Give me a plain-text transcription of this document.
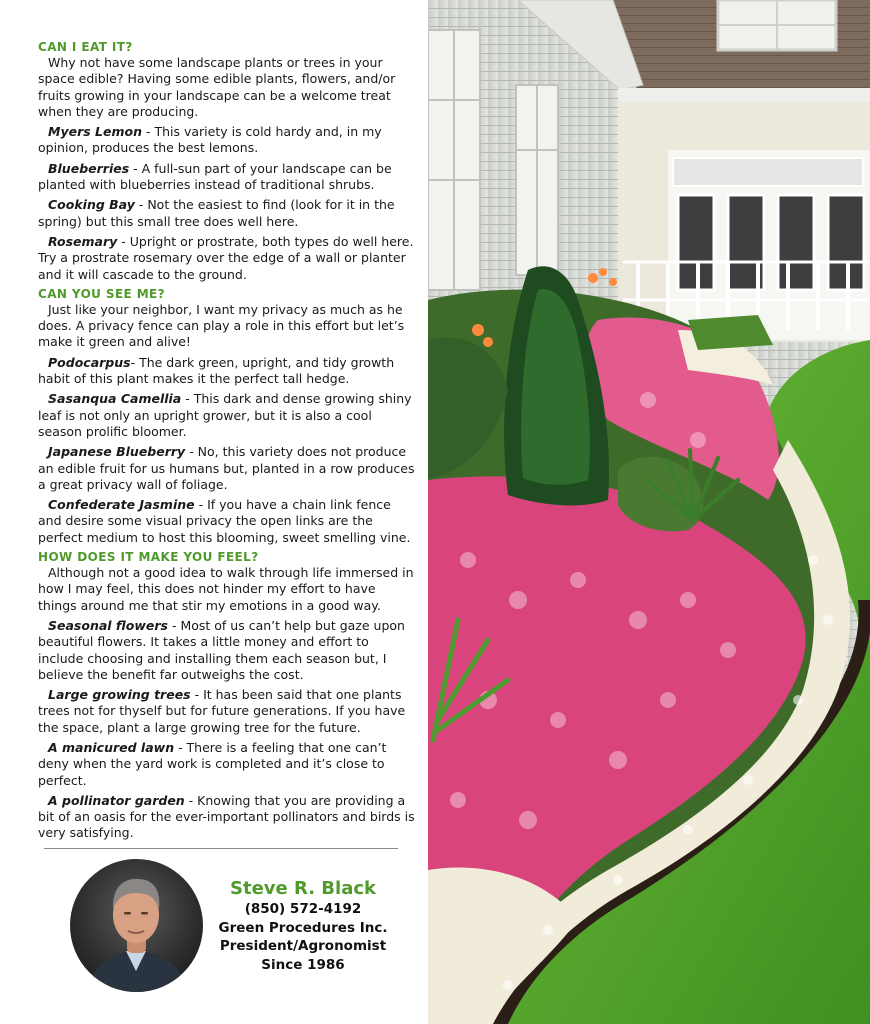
CAN I EAT IT?

Why not have some landscape plants or trees in your space edible? Having some edible plants, flowers, and/or fruits growing in your landscape can be a welcome treat when they are producing.

Myers Lemon - This variety is cold hardy and, in my opinion, produces the best lemons.

Blueberries - A full-sun part of your landscape can be planted with blueberries instead of traditional shrubs.

Cooking Bay - Not the easiest to find (look for it in the spring) but this small tree does well here.

Rosemary - Upright or prostrate, both types do well here. Try a prostrate rosemary over the edge of a wall or planter and it will cascade to the ground.

CAN YOU SEE ME?

Just like your neighbor, I want my privacy as much as he does. A privacy fence can play a role in this effort but let’s make it green and alive!

Podocarpus- The dark green, upright, and tidy growth habit of this plant makes it the perfect tall hedge.

Sasanqua Camellia - This dark and dense growing shiny leaf is not only an upright grower, but it is also a cool season prolific bloomer.

Japanese Blueberry - No, this variety does not produce an edible fruit for us humans but, planted in a row produces a great privacy wall of foliage.

Confederate Jasmine - If you have a chain link fence and desire some visual privacy the open links are the perfect medium to host this blooming, sweet smelling vine.

HOW DOES IT MAKE YOU FEEL?

Although not a good idea to walk through life immersed in how I may feel, this does not hinder my effort to have things around me that stir my emotions in a good way.

Seasonal flowers - Most of us can’t help but gaze upon beautiful flowers. It takes a little money and effort to include choosing and installing them each season but, I believe the benefit far outweighs the cost.

Large growing trees - It has been said that one plants trees not for thyself but for future generations. If you have the space, plant a large growing tree for the future.

A manicured lawn - There is a feeling that one can’t deny when the yard work is completed and it’s close to perfect.

A pollinator garden - Knowing that you are providing a bit of an oasis for the ever-important pollinators and birds is very satisfying.

Steve R. Black
(850) 572-4192
Green Procedures Inc.
President/Agronomist
Since 1986
